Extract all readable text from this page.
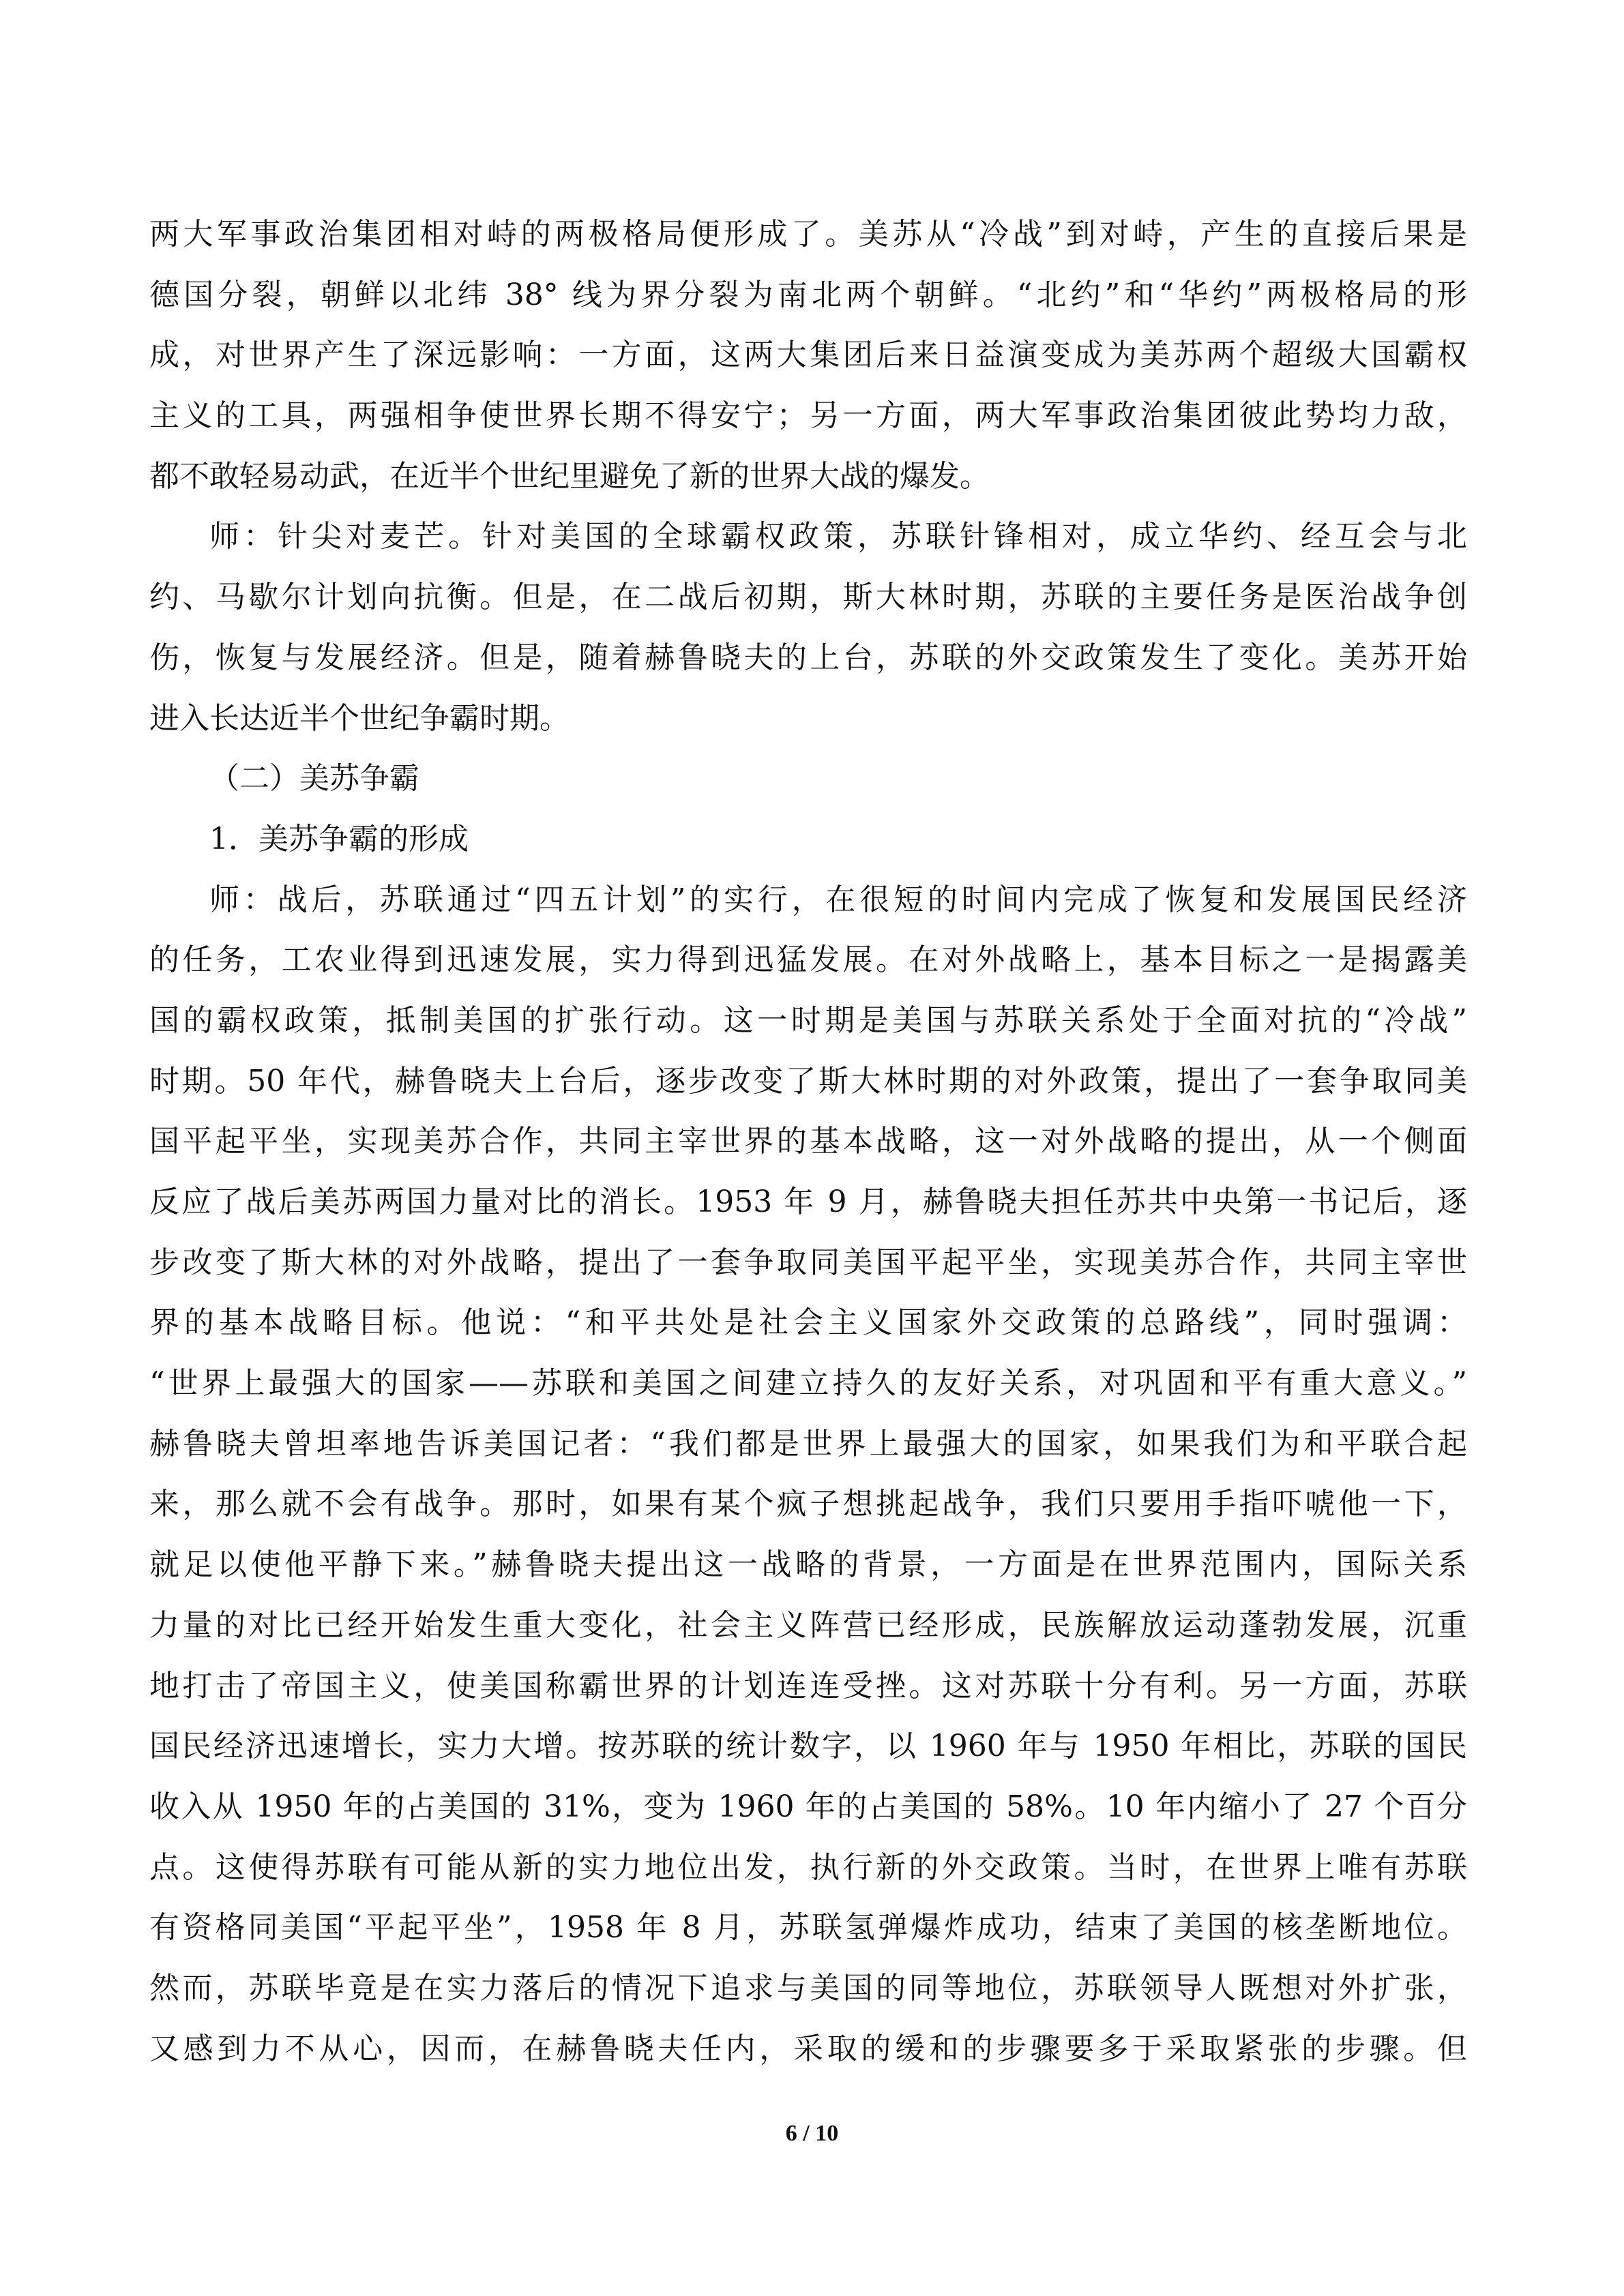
两大军事政治集团相对峙的两极格局便形成了。美苏从“冷战”到对峙，产生的直接后果是
德国分裂，朝鲜以北纬 38° 线为界分裂为南北两个朝鲜。“北约”和“华约”两极格局的形
成，对世界产生了深远影响：一方面，这两大集团后来日益演变成为美苏两个超级大国霸权
主义的工具，两强相争使世界长期不得安宁；另一方面，两大军事政治集团彼此势均力敌，
都不敢轻易动武，在近半个世纪里避免了新的世界大战的爆发。
师：针尖对麦芒。针对美国的全球霸权政策，苏联针锋相对，成立华约、经互会与北
约、马歇尔计划向抗衡。但是，在二战后初期，斯大林时期，苏联的主要任务是医治战争创
伤，恢复与发展经济。但是，随着赫鲁晓夫的上台，苏联的外交政策发生了变化。美苏开始
进入长达近半个世纪争霸时期。
（二）美苏争霸
1．美苏争霸的形成
师：战后，苏联通过“四五计划”的实行，在很短的时间内完成了恢复和发展国民经济
的任务，工农业得到迅速发展，实力得到迅猛发展。在对外战略上，基本目标之一是揭露美
国的霸权政策，抵制美国的扩张行动。这一时期是美国与苏联关系处于全面对抗的“冷战”
时期。50 年代，赫鲁晓夫上台后，逐步改变了斯大林时期的对外政策，提出了一套争取同美
国平起平坐，实现美苏合作，共同主宰世界的基本战略，这一对外战略的提出，从一个侧面
反应了战后美苏两国力量对比的消长。1953 年 9 月，赫鲁晓夫担任苏共中央第一书记后，逐
步改变了斯大林的对外战略，提出了一套争取同美国平起平坐，实现美苏合作，共同主宰世
界的基本战略目标。他说：“和平共处是社会主义国家外交政策的总路线”，同时强调：
“世界上最强大的国家——苏联和美国之间建立持久的友好关系，对巩固和平有重大意义。”
赫鲁晓夫曾坦率地告诉美国记者：“我们都是世界上最强大的国家，如果我们为和平联合起
来，那么就不会有战争。那时，如果有某个疯子想挑起战争，我们只要用手指吓唬他一下，
就足以使他平静下来。”赫鲁晓夫提出这一战略的背景，一方面是在世界范围内，国际关系
力量的对比已经开始发生重大变化，社会主义阵营已经形成，民族解放运动蓬勃发展，沉重
地打击了帝国主义，使美国称霸世界的计划连连受挫。这对苏联十分有利。另一方面，苏联
国民经济迅速增长，实力大增。按苏联的统计数字，以 1960 年与 1950 年相比，苏联的国民
收入从 1950 年的占美国的 31%，变为 1960 年的占美国的 58%。10 年内缩小了 27 个百分
点。这使得苏联有可能从新的实力地位出发，执行新的外交政策。当时，在世界上唯有苏联
有资格同美国“平起平坐”，1958 年 8 月，苏联氢弹爆炸成功，结束了美国的核垄断地位。
然而，苏联毕竟是在实力落后的情况下追求与美国的同等地位，苏联领导人既想对外扩张，
又感到力不从心，因而，在赫鲁晓夫任内，采取的缓和的步骤要多于采取紧张的步骤。但
6 / 10
